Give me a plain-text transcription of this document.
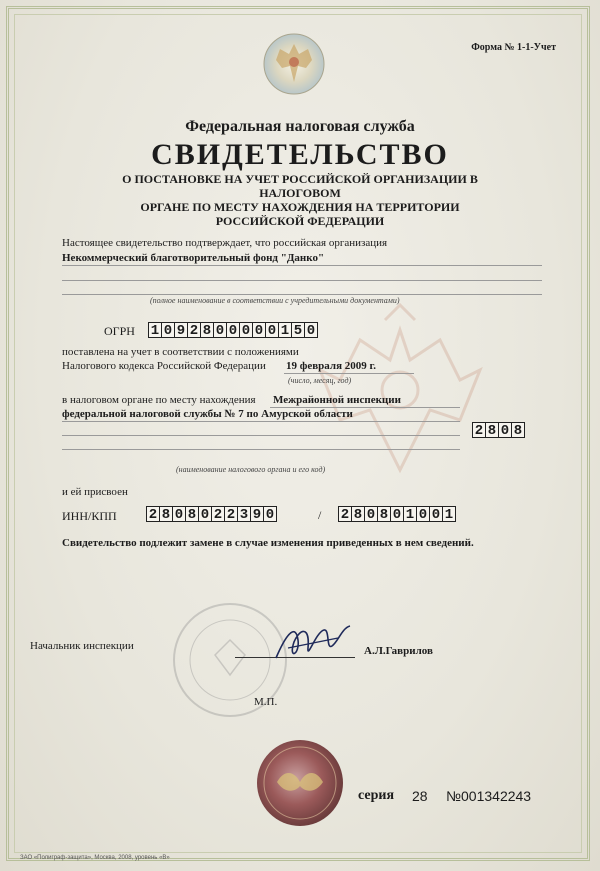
Форма № 1-1-Учет
Федеральная налоговая служба
СВИДЕТЕЛЬСТВО
О ПОСТАНОВКЕ НА УЧЕТ РОССИЙСКОЙ ОРГАНИЗАЦИИ В НАЛОГОВОМ
ОРГАНЕ ПО МЕСТУ НАХОЖДЕНИЯ НА ТЕРРИТОРИИ
РОССИЙСКОЙ ФЕДЕРАЦИИ
Настоящее свидетельство подтверждает, что российская организация
Некоммерческий благотворительный фонд "Данко"
(полное наименование в соответствии с учредительными документами)
ОГРН 1 0 9 2 8 0 0 0 0 0 1 5 0
поставлена на учет в соответствии с положениями
Налогового кодекса Российской Федерации 19 февраля 2009 г.
(число, месяц, год)
в налоговом органе по месту нахождения Межрайонной инспекции
федеральной налоговой службы № 7 по Амурской области
2 8 0 8
(наименование налогового органа и его код)
и ей присвоен
ИНН/КПП 2 8 0 8 0 2 2 3 9 0	/ 2 8 0 8 0 1 0 0 1
Свидетельство подлежит замене в случае изменения приведенных в нем сведений.
Начальник инспекции	А.Л.Гаврилов
М.П.
серия 28 №001342243
ЗАО «Полиграф-защита», Москва, 2008, уровень «В»
